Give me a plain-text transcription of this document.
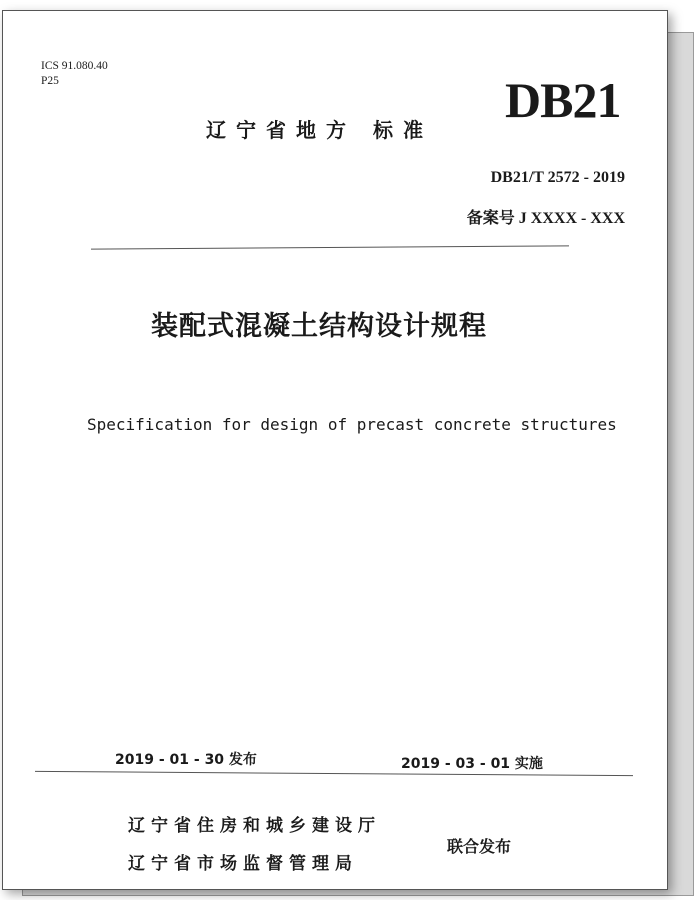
ICS 91.080.40
P25	DB21
辽宁省地方 标准
DB21/T 2572 - 2019
备案号 J XXXX - XXX
装配式混凝土结构设计规程
Specification for design of precast concrete structures
2019 - 01 - 30 发布	2019 - 03 - 01 实施
辽宁省住房和城乡建设厅
辽宁省市场监督管理局
联合发布
